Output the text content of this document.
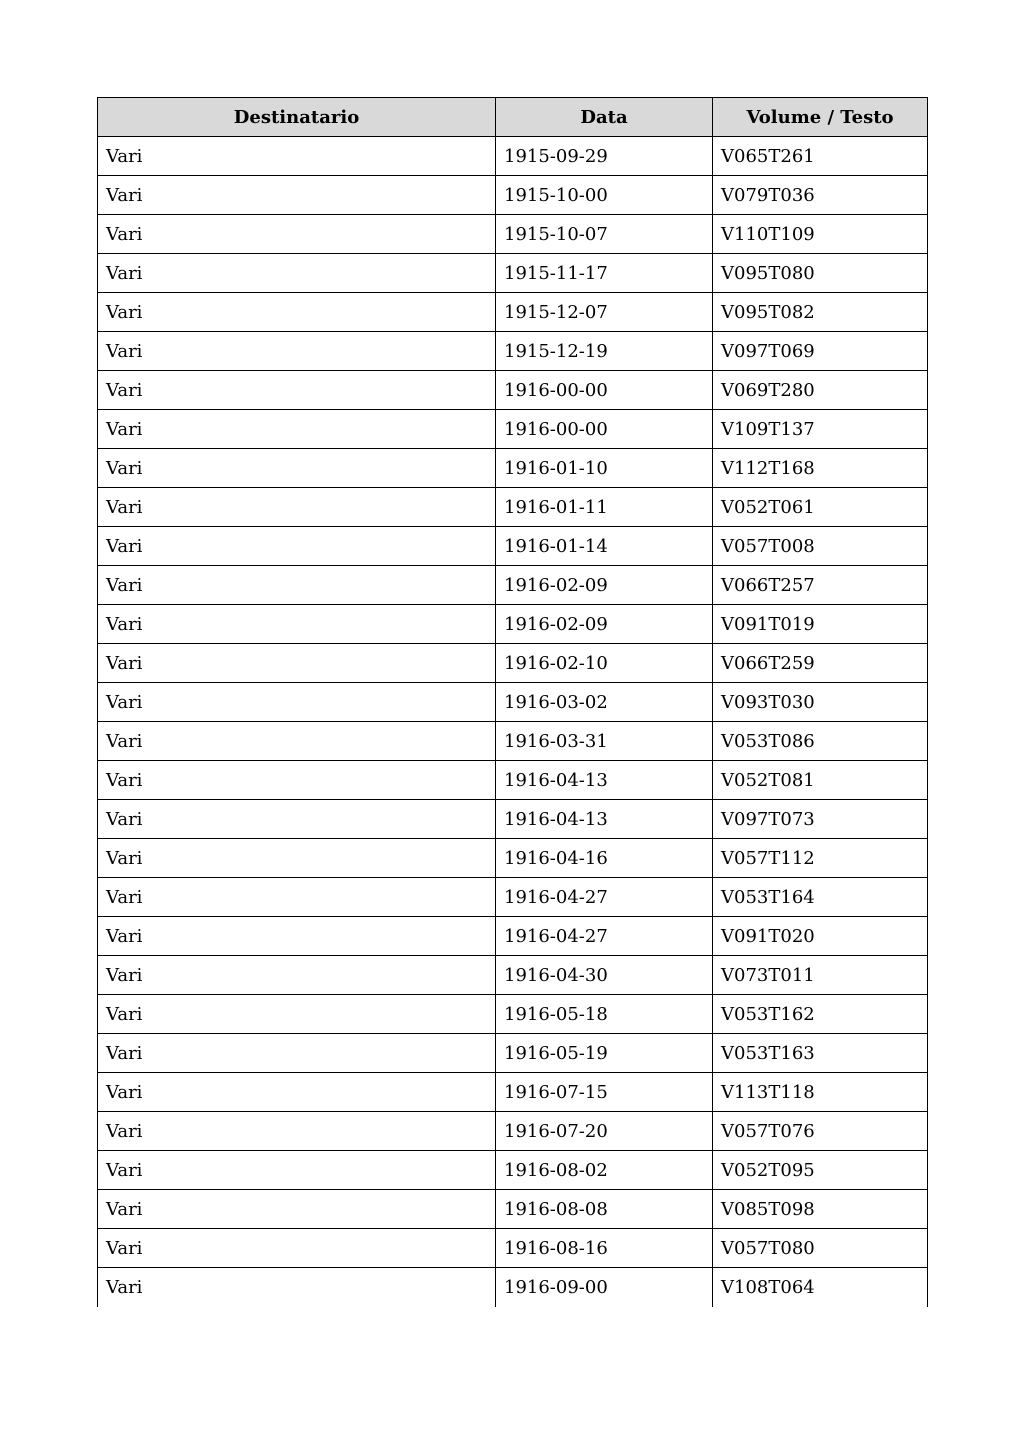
Destinatario	Data	Volume / Testo
Vari	1915-09-29	V065T261
Vari	1915-10-00	V079T036
Vari	1915-10-07	V110T109
Vari	1915-11-17	V095T080
Vari	1915-12-07	V095T082
Vari	1915-12-19	V097T069
Vari	1916-00-00	V069T280
Vari	1916-00-00	V109T137
Vari	1916-01-10	V112T168
Vari	1916-01-11	V052T061
Vari	1916-01-14	V057T008
Vari	1916-02-09	V066T257
Vari	1916-02-09	V091T019
Vari	1916-02-10	V066T259
Vari	1916-03-02	V093T030
Vari	1916-03-31	V053T086
Vari	1916-04-13	V052T081
Vari	1916-04-13	V097T073
Vari	1916-04-16	V057T112
Vari	1916-04-27	V053T164
Vari	1916-04-27	V091T020
Vari	1916-04-30	V073T011
Vari	1916-05-18	V053T162
Vari	1916-05-19	V053T163
Vari	1916-07-15	V113T118
Vari	1916-07-20	V057T076
Vari	1916-08-02	V052T095
Vari	1916-08-08	V085T098
Vari	1916-08-16	V057T080
Vari	1916-09-00	V108T064
